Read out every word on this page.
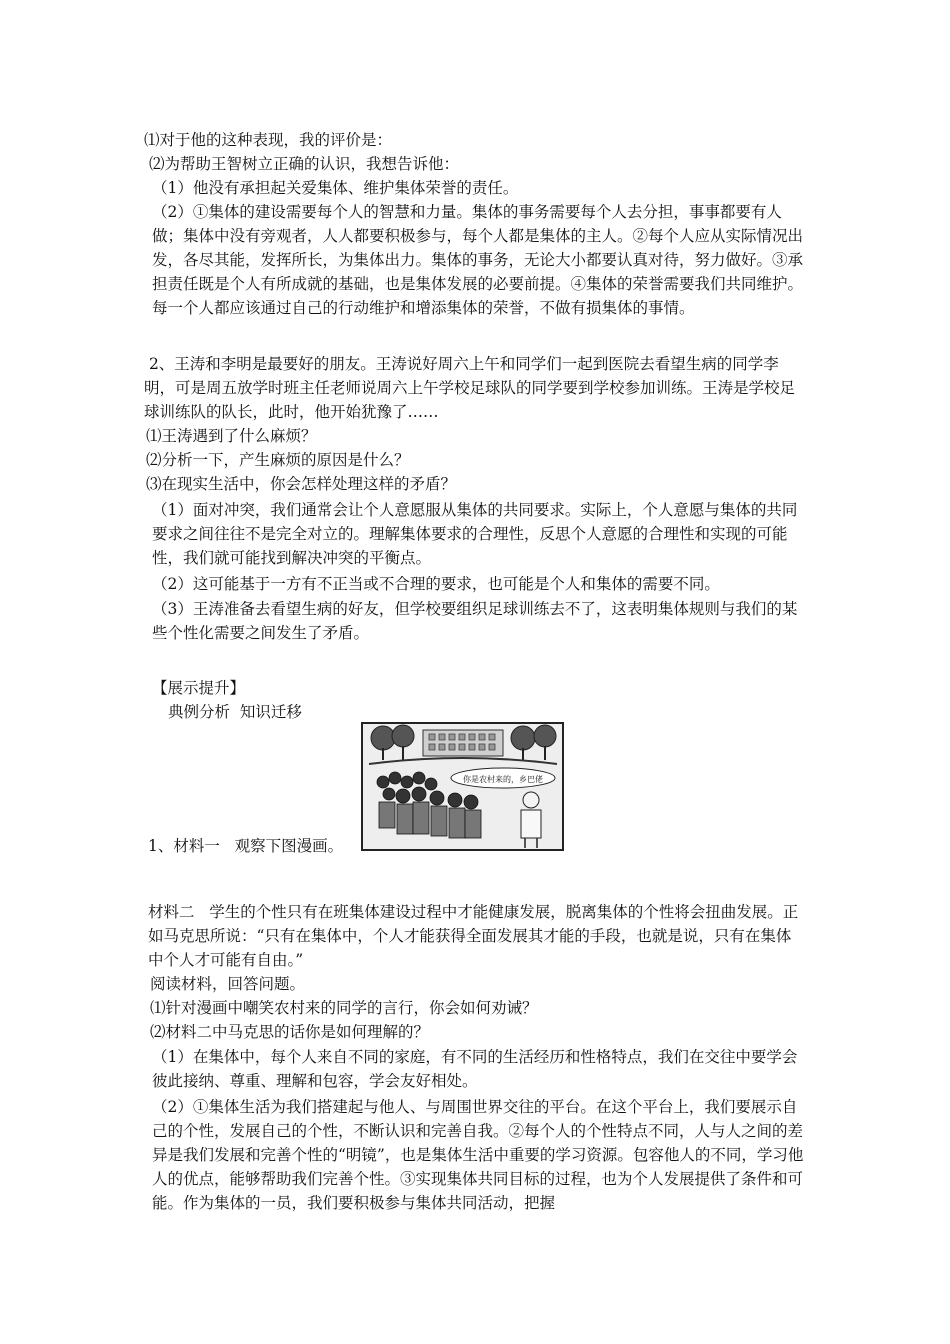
⑴对于他的这种表现，我的评价是：
⑵为帮助王智树立正确的认识，我想告诉他：
（1）他没有承担起关爱集体、维护集体荣誉的责任。
（2）①集体的建设需要每个人的智慧和力量。集体的事务需要每个人去分担，事事都要有人做；集体中没有旁观者，人人都要积极参与，每个人都是集体的主人。②每个人应从实际情况出发，各尽其能，发挥所长，为集体出力。集体的事务，无论大小都要认真对待，努力做好。③承担责任既是个人有所成就的基础，也是集体发展的必要前提。④集体的荣誉需要我们共同维护。每一个人都应该通过自己的行动维护和增添集体的荣誉，不做有损集体的事情。
2、王涛和李明是最要好的朋友。王涛说好周六上午和同学们一起到医院去看望生病的同学李明，可是周五放学时班主任老师说周六上午学校足球队的同学要到学校参加训练。王涛是学校足球训练队的队长，此时，他开始犹豫了……
⑴王涛遇到了什么麻烦？
⑵分析一下，产生麻烦的原因是什么？
⑶在现实生活中，你会怎样处理这样的矛盾？
（1）面对冲突，我们通常会让个人意愿服从集体的共同要求。实际上，个人意愿与集体的共同要求之间往往不是完全对立的。理解集体要求的合理性，反思个人意愿的合理性和实现的可能性，我们就可能找到解决冲突的平衡点。
（2）这可能基于一方有不正当或不合理的要求，也可能是个人和集体的需要不同。
（3）王涛准备去看望生病的好友，但学校要组织足球训练去不了，这表明集体规则与我们的某些个性化需要之间发生了矛盾。
【展示提升】
典例分析  知识迁移
你是农村来的，乡巴佬
1、材料一   观察下图漫画。
材料二   学生的个性只有在班集体建设过程中才能健康发展，脱离集体的个性将会扭曲发展。正如马克思所说：“只有在集体中，个人才能获得全面发展其才能的手段，也就是说，只有在集体中个人才可能有自由。”
阅读材料，回答问题。
⑴针对漫画中嘲笑农村来的同学的言行，你会如何劝诫？
⑵材料二中马克思的话你是如何理解的？
（1）在集体中，每个人来自不同的家庭，有不同的生活经历和性格特点，我们在交往中要学会彼此接纳、尊重、理解和包容，学会友好相处。
（2）①集体生活为我们搭建起与他人、与周围世界交往的平台。在这个平台上，我们要展示自己的个性，发展自己的个性，不断认识和完善自我。②每个人的个性特点不同，人与人之间的差异是我们发展和完善个性的“明镜”，也是集体生活中重要的学习资源。包容他人的不同，学习他人的优点，能够帮助我们完善个性。③实现集体共同目标的过程，也为个人发展提供了条件和可能。作为集体的一员，我们要积极参与集体共同活动，把握
